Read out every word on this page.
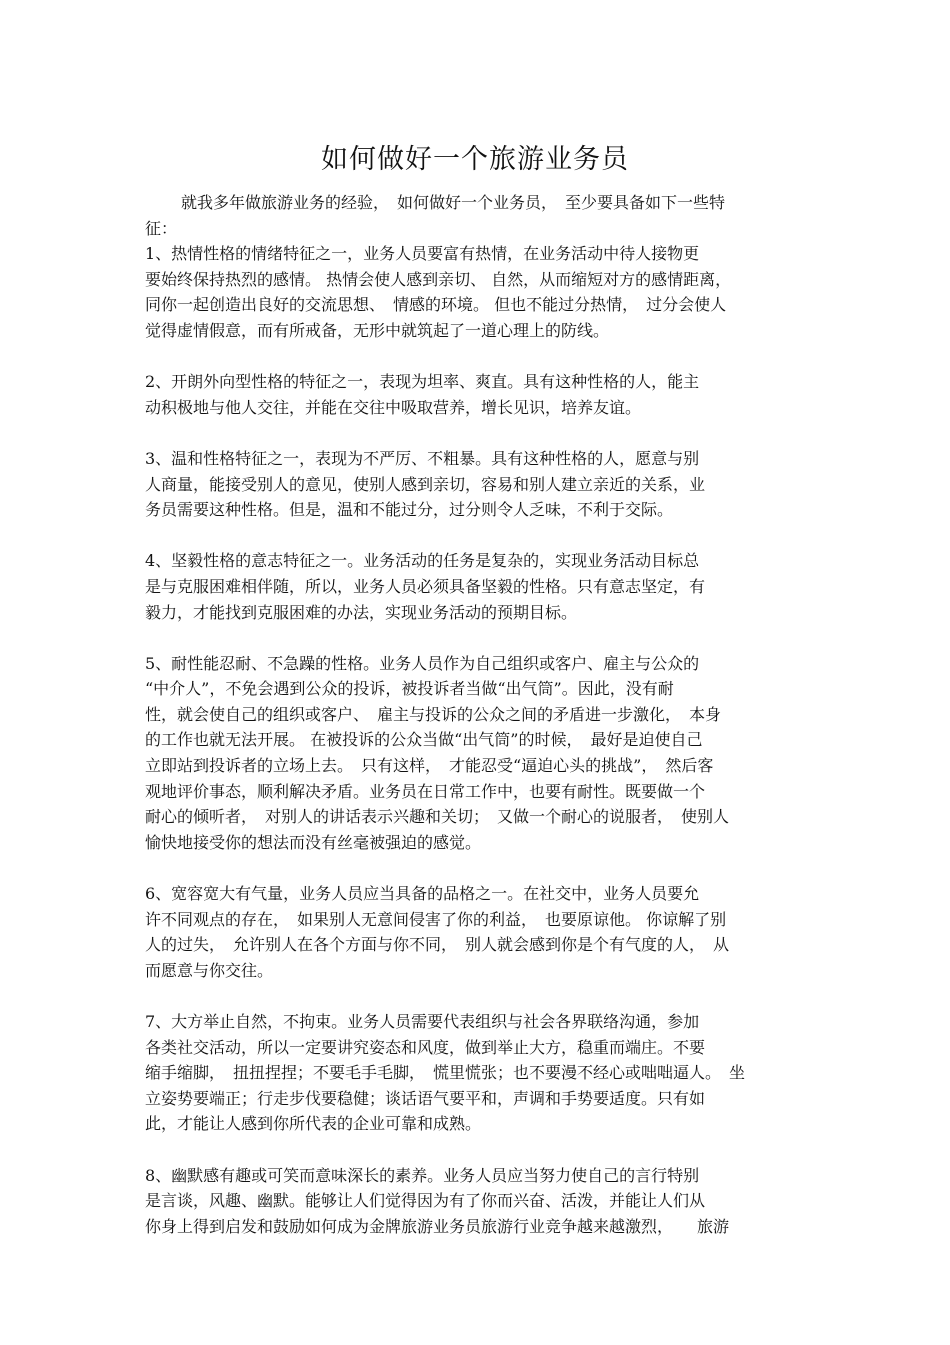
如何做好一个旅游业务员
就我多年做旅游业务的经验，　如何做好一个业务员，　至少要具备如下一些特
征：
1、热情性格的情绪特征之一，业务人员要富有热情，在业务活动中待人接物更
要始终保持热烈的感情。 热情会使人感到亲切、 自然，从而缩短对方的感情距离，
同你一起创造出良好的交流思想、　情感的环境。 但也不能过分热情，　过分会使人
觉得虚情假意，而有所戒备，无形中就筑起了一道心理上的防线。
2、开朗外向型性格的特征之一，表现为坦率、爽直。具有这种性格的人，能主
动积极地与他人交往，并能在交往中吸取营养，增长见识，培养友谊。
3、温和性格特征之一，表现为不严厉、不粗暴。具有这种性格的人，愿意与别
人商量，能接受别人的意见，使别人感到亲切，容易和别人建立亲近的关系，业
务员需要这种性格。但是，温和不能过分，过分则令人乏味，不利于交际。
4、坚毅性格的意志特征之一。业务活动的任务是复杂的，实现业务活动目标总
是与克服困难相伴随，所以，业务人员必须具备坚毅的性格。只有意志坚定，有
毅力，才能找到克服困难的办法，实现业务活动的预期目标。
5、耐性能忍耐、不急躁的性格。业务人员作为自己组织或客户、雇主与公众的
“中介人”，不免会遇到公众的投诉，被投诉者当做“出气筒”。因此，没有耐
性，就会使自己的组织或客户、　雇主与投诉的公众之间的矛盾进一步激化，　本身
的工作也就无法开展。 在被投诉的公众当做“出气筒”的时候，　最好是迫使自己
立即站到投诉者的立场上去。　只有这样，　才能忍受“逼迫心头的挑战”，　然后客
观地评价事态，顺利解决矛盾。业务员在日常工作中，也要有耐性。既要做一个
耐心的倾听者，　对别人的讲话表示兴趣和关切；　又做一个耐心的说服者，　使别人
愉快地接受你的想法而没有丝毫被强迫的感觉。
6、宽容宽大有气量，业务人员应当具备的品格之一。在社交中，业务人员要允
许不同观点的存在，　如果别人无意间侵害了你的利益，　也要原谅他。 你谅解了别
人的过失，　允许别人在各个方面与你不同，　别人就会感到你是个有气度的人，　从
而愿意与你交往。
7、大方举止自然，不拘束。业务人员需要代表组织与社会各界联络沟通，参加
各类社交活动，所以一定要讲究姿态和风度，做到举止大方，稳重而端庄。不要
缩手缩脚，　扭扭捏捏；不要毛手毛脚，　慌里慌张；也不要漫不经心或咄咄逼人。　坐
立姿势要端正；行走步伐要稳健；谈话语气要平和，声调和手势要适度。只有如
此，才能让人感到你所代表的企业可靠和成熟。
8、幽默感有趣或可笑而意味深长的素养。业务人员应当努力使自己的言行特别
是言谈，风趣、幽默。能够让人们觉得因为有了你而兴奋、活泼，并能让人们从
你身上得到启发和鼓励如何成为金牌旅游业务员旅游行业竞争越来越激烈，　　旅游
